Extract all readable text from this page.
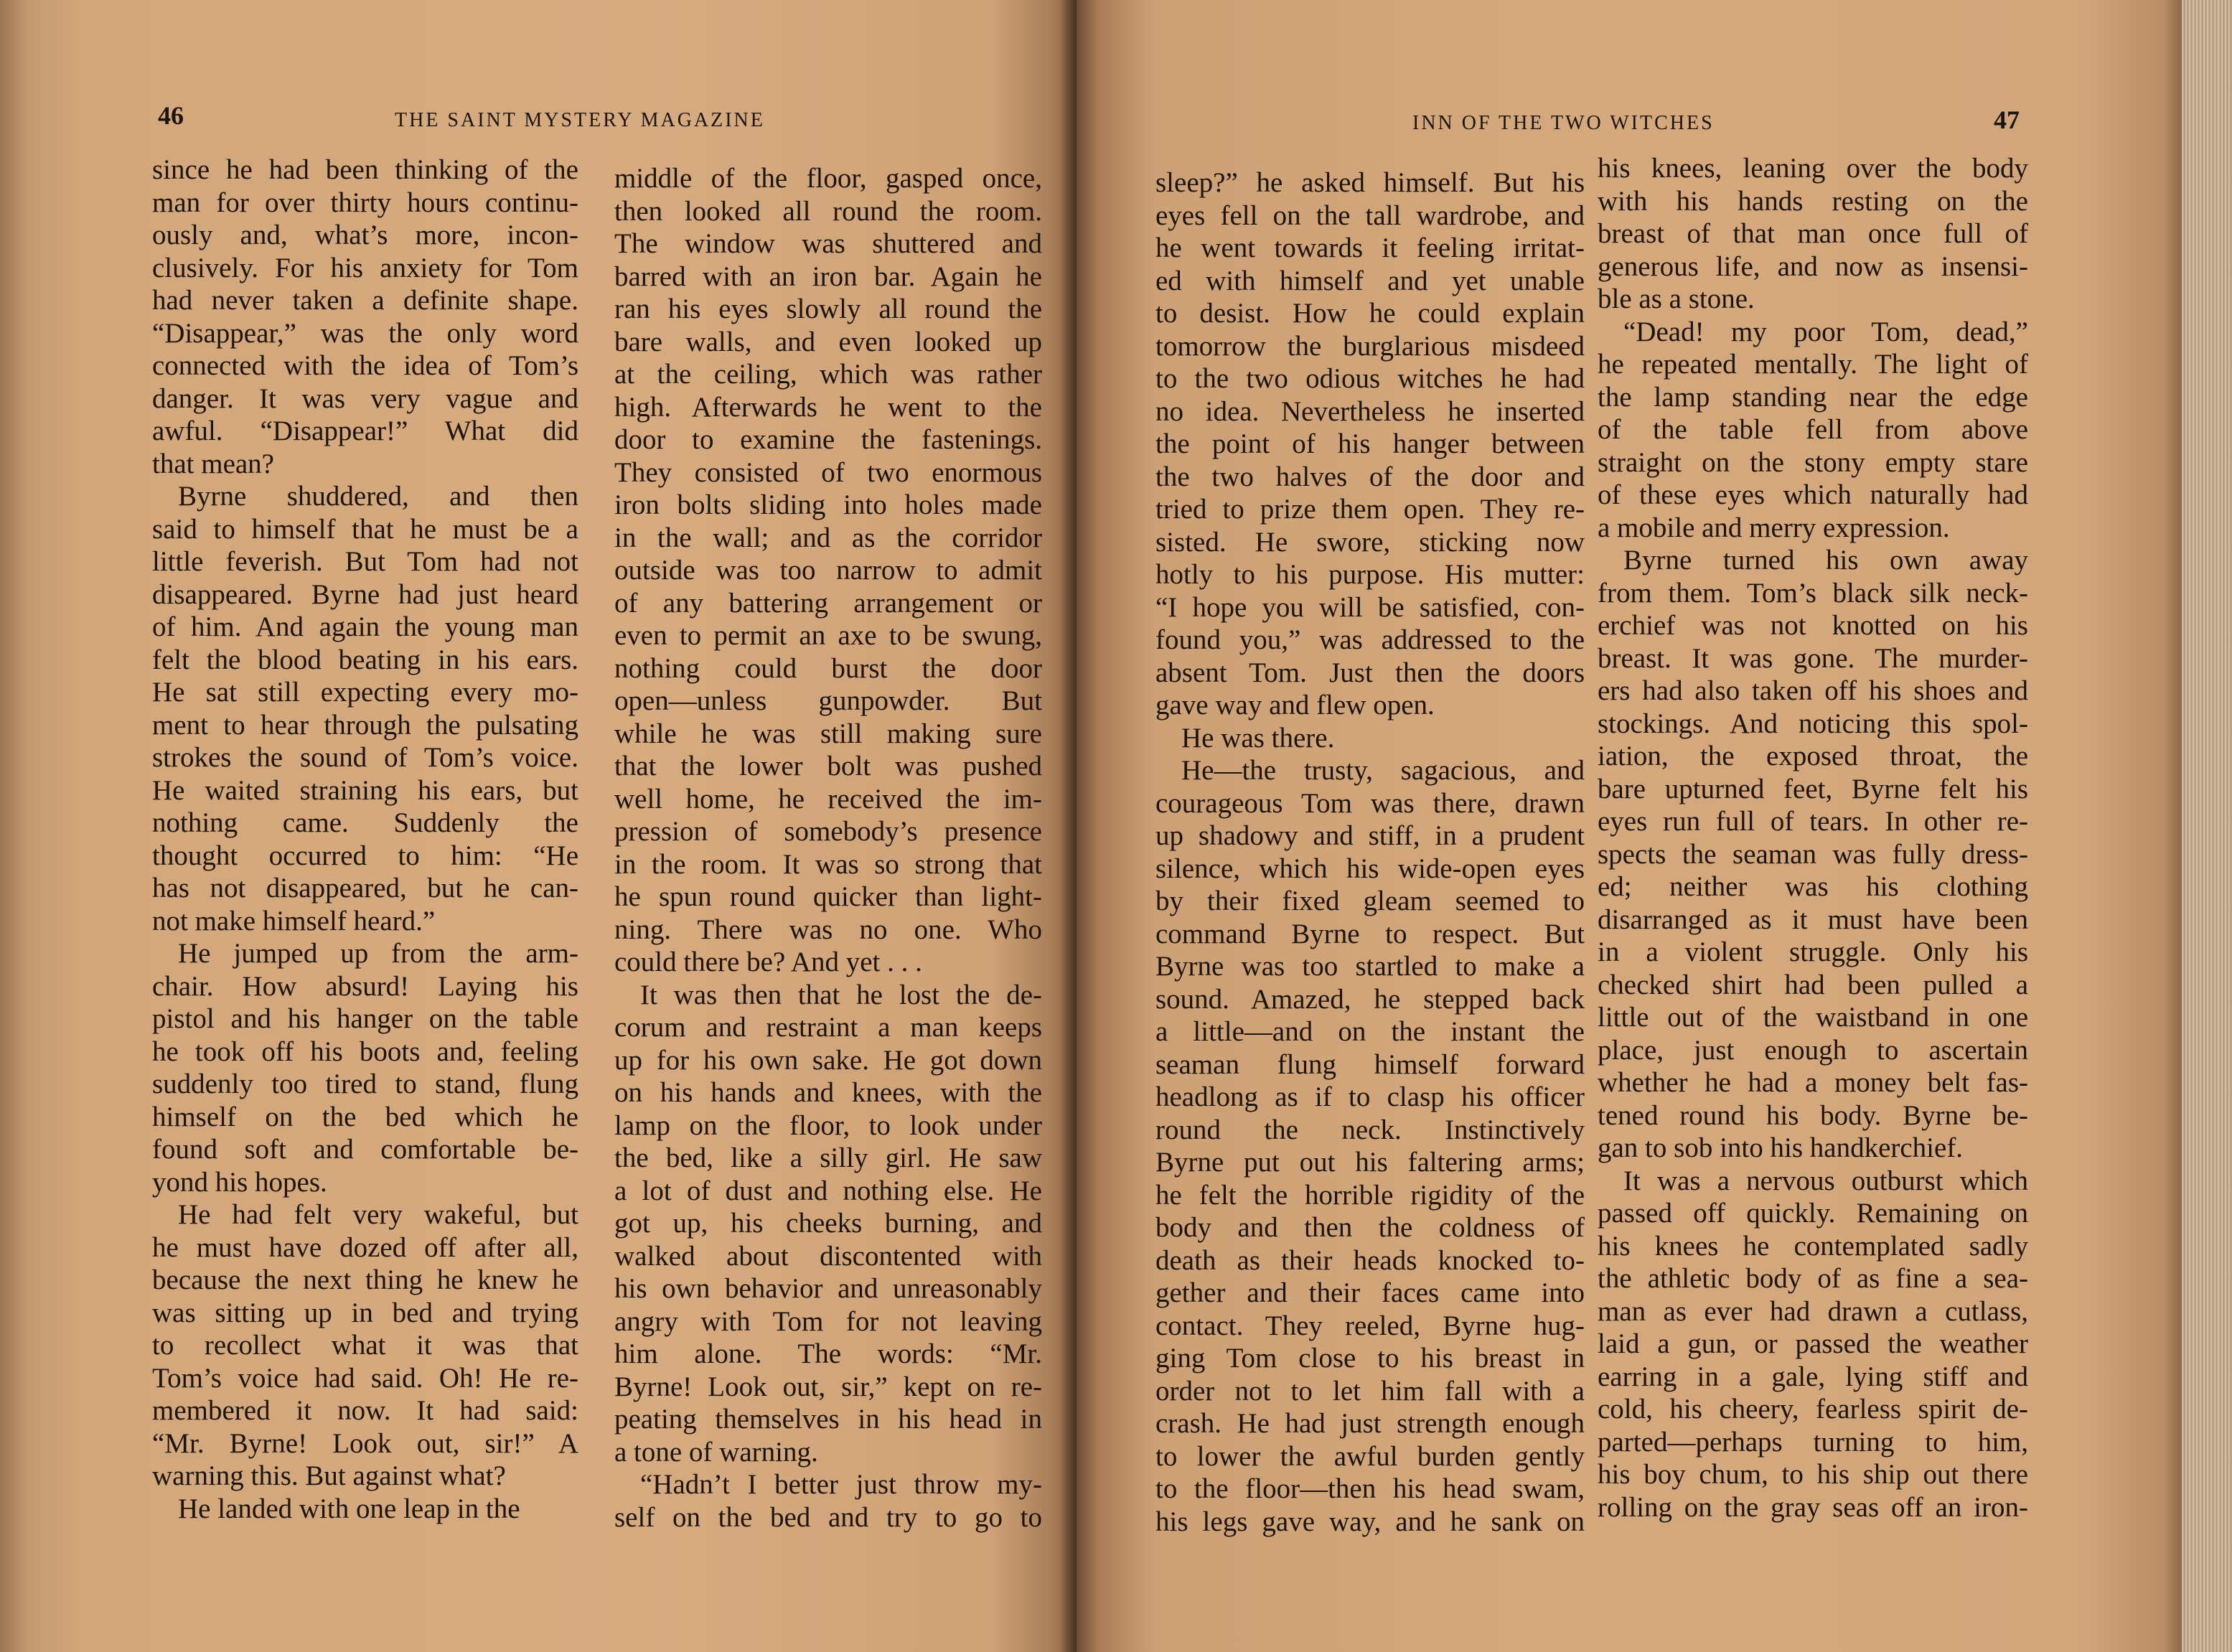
46	THE SAINT MYSTERY MAGAZINE
since he had been thinking of the
man for over thirty hours continu-
ously and, what’s more, incon-
clusively. For his anxiety for Tom
had never taken a definite shape.
“Disappear,” was the only word
connected with the idea of Tom’s
danger. It was very vague and
awful. “Disappear!” What did
that mean?
Byrne shuddered, and then
said to himself that he must be a
little feverish. But Tom had not
disappeared. Byrne had just heard
of him. And again the young man
felt the blood beating in his ears.
He sat still expecting every mo-
ment to hear through the pulsating
strokes the sound of Tom’s voice.
He waited straining his ears, but
nothing came. Suddenly the
thought occurred to him: “He
has not disappeared, but he can-
not make himself heard.”
He jumped up from the arm-
chair. How absurd! Laying his
pistol and his hanger on the table
he took off his boots and, feeling
suddenly too tired to stand, flung
himself on the bed which he
found soft and comfortable be-
yond his hopes.
He had felt very wakeful, but
he must have dozed off after all,
because the next thing he knew he
was sitting up in bed and trying
to recollect what it was that
Tom’s voice had said. Oh! He re-
membered it now. It had said:
“Mr. Byrne! Look out, sir!” A
warning this. But against what?
He landed with one leap in the
middle of the floor, gasped once,
then looked all round the room.
The window was shuttered and
barred with an iron bar. Again he
ran his eyes slowly all round the
bare walls, and even looked up
at the ceiling, which was rather
high. Afterwards he went to the
door to examine the fastenings.
They consisted of two enormous
iron bolts sliding into holes made
in the wall; and as the corridor
outside was too narrow to admit
of any battering arrangement or
even to permit an axe to be swung,
nothing could burst the door
open—unless gunpowder. But
while he was still making sure
that the lower bolt was pushed
well home, he received the im-
pression of somebody’s presence
in the room. It was so strong that
he spun round quicker than light-
ning. There was no one. Who
could there be? And yet . . .
It was then that he lost the de-
corum and restraint a man keeps
up for his own sake. He got down
on his hands and knees, with the
lamp on the floor, to look under
the bed, like a silly girl. He saw
a lot of dust and nothing else. He
got up, his cheeks burning, and
walked about discontented with
his own behavior and unreasonably
angry with Tom for not leaving
him alone. The words: “Mr.
Byrne! Look out, sir,” kept on re-
peating themselves in his head in
a tone of warning.
“Hadn’t I better just throw my-
self on the bed and try to go to
INN OF THE TWO WITCHES	47
sleep?” he asked himself. But his
eyes fell on the tall wardrobe, and
he went towards it feeling irritat-
ed with himself and yet unable
to desist. How he could explain
tomorrow the burglarious misdeed
to the two odious witches he had
no idea. Nevertheless he inserted
the point of his hanger between
the two halves of the door and
tried to prize them open. They re-
sisted. He swore, sticking now
hotly to his purpose. His mutter:
“I hope you will be satisfied, con-
found you,” was addressed to the
absent Tom. Just then the doors
gave way and flew open.
He was there.
He—the trusty, sagacious, and
courageous Tom was there, drawn
up shadowy and stiff, in a prudent
silence, which his wide-open eyes
by their fixed gleam seemed to
command Byrne to respect. But
Byrne was too startled to make a
sound. Amazed, he stepped back
a little—and on the instant the
seaman flung himself forward
headlong as if to clasp his officer
round the neck. Instinctively
Byrne put out his faltering arms;
he felt the horrible rigidity of the
body and then the coldness of
death as their heads knocked to-
gether and their faces came into
contact. They reeled, Byrne hug-
ging Tom close to his breast in
order not to let him fall with a
crash. He had just strength enough
to lower the awful burden gently
to the floor—then his head swam,
his legs gave way, and he sank on
his knees, leaning over the body
with his hands resting on the
breast of that man once full of
generous life, and now as insensi-
ble as a stone.
“Dead! my poor Tom, dead,”
he repeated mentally. The light of
the lamp standing near the edge
of the table fell from above
straight on the stony empty stare
of these eyes which naturally had
a mobile and merry expression.
Byrne turned his own away
from them. Tom’s black silk neck-
erchief was not knotted on his
breast. It was gone. The murder-
ers had also taken off his shoes and
stockings. And noticing this spol-
iation, the exposed throat, the
bare upturned feet, Byrne felt his
eyes run full of tears. In other re-
spects the seaman was fully dress-
ed; neither was his clothing
disarranged as it must have been
in a violent struggle. Only his
checked shirt had been pulled a
little out of the waistband in one
place, just enough to ascertain
whether he had a money belt fas-
tened round his body. Byrne be-
gan to sob into his handkerchief.
It was a nervous outburst which
passed off quickly. Remaining on
his knees he contemplated sadly
the athletic body of as fine a sea-
man as ever had drawn a cutlass,
laid a gun, or passed the weather
earring in a gale, lying stiff and
cold, his cheery, fearless spirit de-
parted—perhaps turning to him,
his boy chum, to his ship out there
rolling on the gray seas off an iron-
